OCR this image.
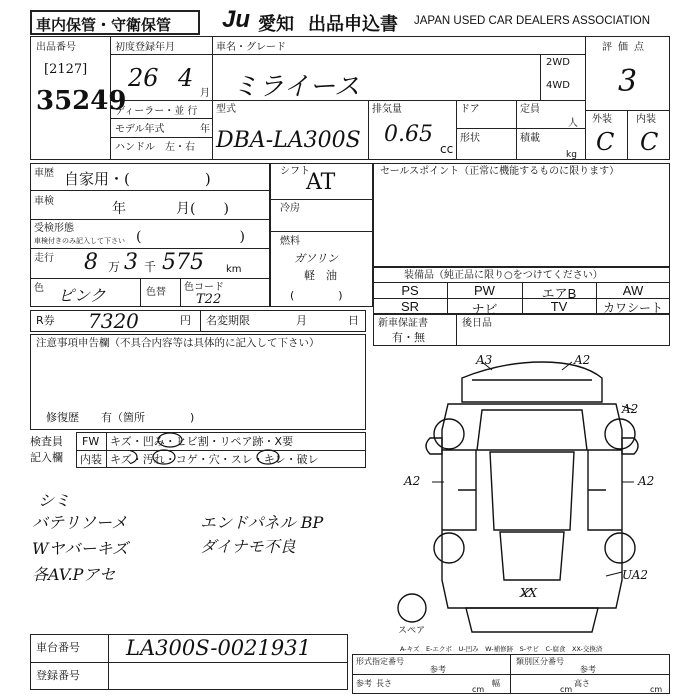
車内保管・守衛保管 Ju 愛知 出品申込書 JAPAN USED CAR DEALERS ASSOCIATION
出品番号
[2127]
35249
初度登録年月
26 4
月
ディーラー・並 行
モデル年式	年
ハンドル　左・右
車名・グレード
ミライース
2WD
4WD
型式
DBA-LA300S
排気量
0.65
cc
ドア
形状
定員
人
積載
kg
評価点
3
外装 内装
C C
車歴 自家用・(　　　　　)
車検	年	月(　　)
受検形態
車検付きのみ記入して下さい (　　　　　　　)
走行 8 万 3 千 575 km
色 ピンク	色替 色コード
T22
シフト
AT
冷房
燃料
ガソリン
軽　油
(　　　　)
セールスポイント（正常に機能するものに限ります）
装備品（純正品に限り○をつけてください）
PS	PW	エアB	AW
SR	ナビ	TV	カワシート
R券 7320	円 名変期限	月	日 新車保証書
有・無
後日品
注意事項申告欄（不具合内容等は具体的に記入して下さい）
修復歴　　有（箇所	)
検査員
記入欄
FW キズ・凹み・ヒビ割・リペア跡・X要
内装 キズ・汚れ・コゲ・穴・スレ・キレ・破レ
シミ
バテリソーメ	エンドパネル BP
Wヤバーキズ	ダイナモ不良
各AV.Pアセ
A3	A2
A2
A2	A2
UA2
XX
スペア
A-キズ　E-エクボ　U-凹み　W-補修跡　S-サビ　C-腐食　XX-交換済
車台番号 LA300S-0021931
登録番号
形式指定番号
参考
類別区分番号
参考
参考 長さ
cm
幅
cm
高さ
cm
